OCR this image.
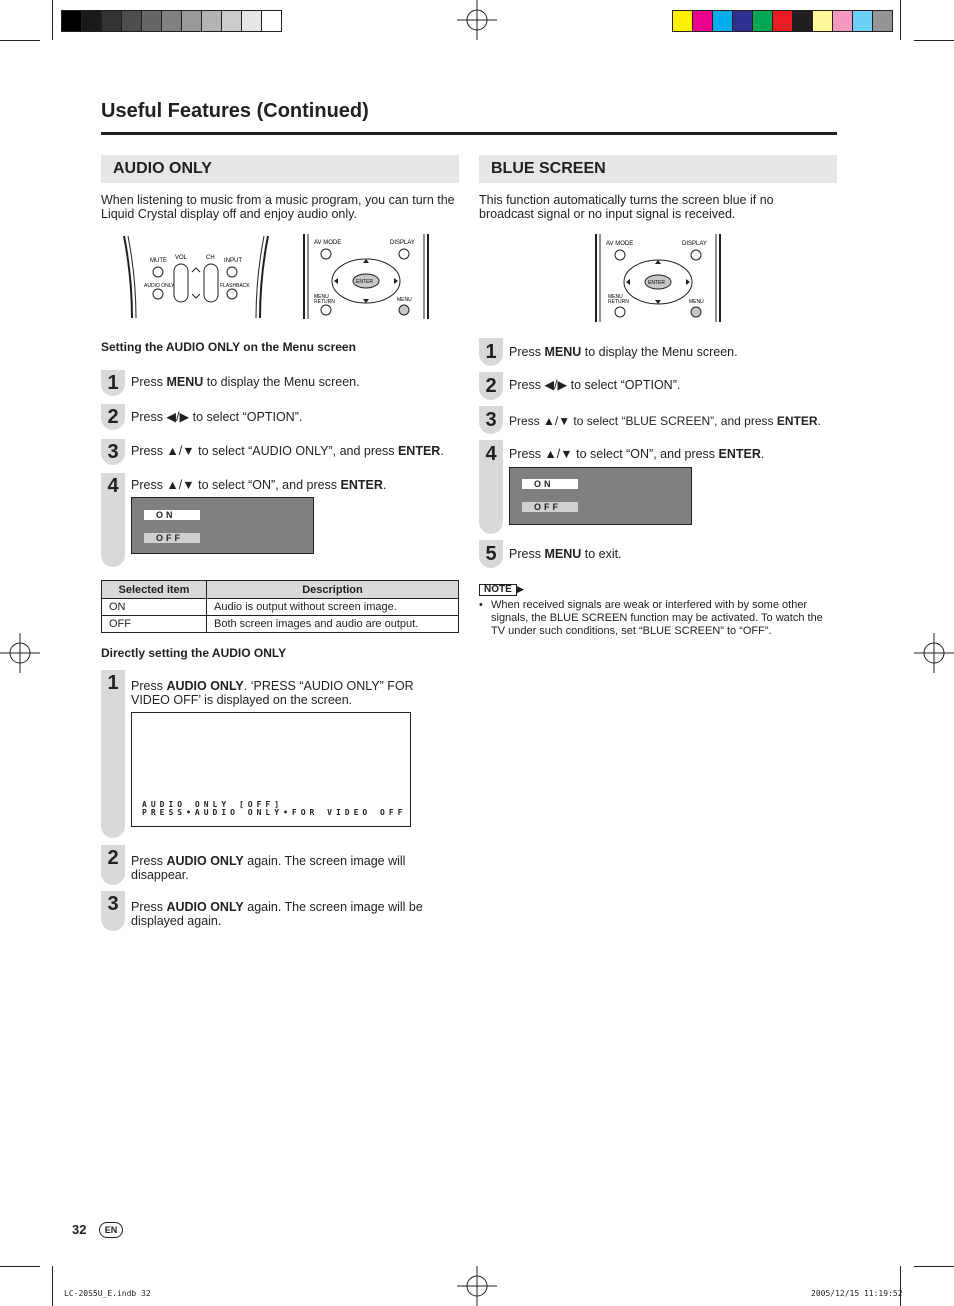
Useful Features (Continued)
AUDIO ONLY
When listening to music from a music program, you can turn the Liquid Crystal display off and enjoy audio only.
MUTE VOL	CH INPUT
AUDIO ONLY	FLASHBACK
AV MODE	DISPLAY
ENTER
MENU RETURN	MENU
Setting the AUDIO ONLY on the Menu screen
1
2
3
4
Press MENU to display the Menu screen.
Press ◀/▶ to select “OPTION”.
Press ▲/▼ to select “AUDIO ONLY”, and press ENTER.
Press ▲/▼ to select “ON”, and press ENTER.
ON
OFF
Selected item	Description
ON	Audio is output without screen image.
OFF	Both screen images and audio are output.
Directly setting the AUDIO ONLY
1
2
3
Press AUDIO ONLY. ‘PRESS “AUDIO ONLY” FOR VIDEO OFF’ is displayed on the screen.
Press AUDIO ONLY again. The screen image will disappear.
Press AUDIO ONLY again. The screen image will be displayed again.
AUDIO ONLY [OFF]
PRESS•AUDIO ONLY•FOR VIDEO OFF
BLUE SCREEN
This function automatically turns the screen blue if no broadcast signal or no input signal is received.
AV MODE	DISPLAY
ENTER
MENU RETURN	MENU
1
2
3
4
5
Press MENU to display the Menu screen.
Press ◀/▶ to select “OPTION”.
Press ▲/▼ to select “BLUE SCREEN”, and press ENTER.
Press ▲/▼ to select “ON”, and press ENTER.
Press MENU to exit.
ON
OFF
NOTE ▶
• When received signals are weak or interfered with by some other signals, the BLUE SCREEN function may be activated. To watch the TV under such conditions, set “BLUE SCREEN” to “OFF”.
32	EN
LC-20S5U_E.indb 32	2005/12/15 11:19:52
